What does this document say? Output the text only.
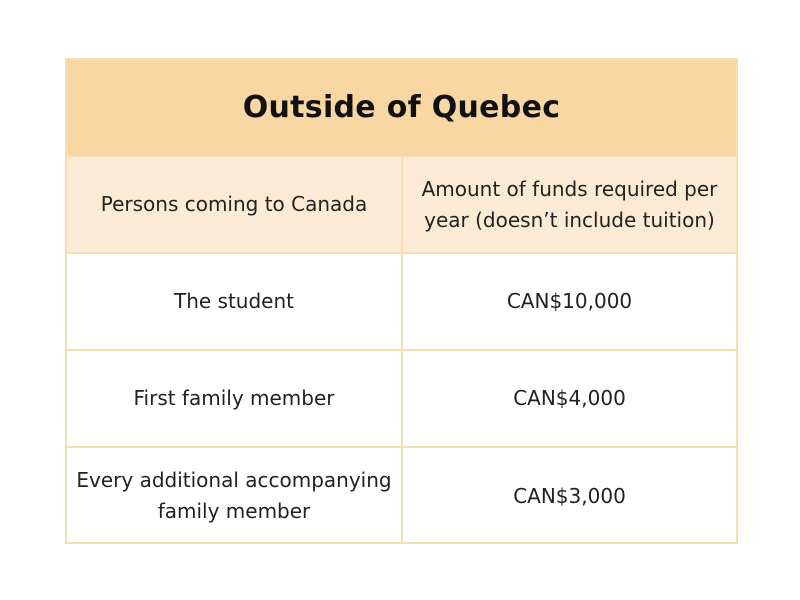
Outside of Quebec
Persons coming to Canada
Amount of funds required per year (doesn’t include tuition)
The student	CAN$10,000
First family member	CAN$4,000
Every additional accompanying family member
CAN$3,000
